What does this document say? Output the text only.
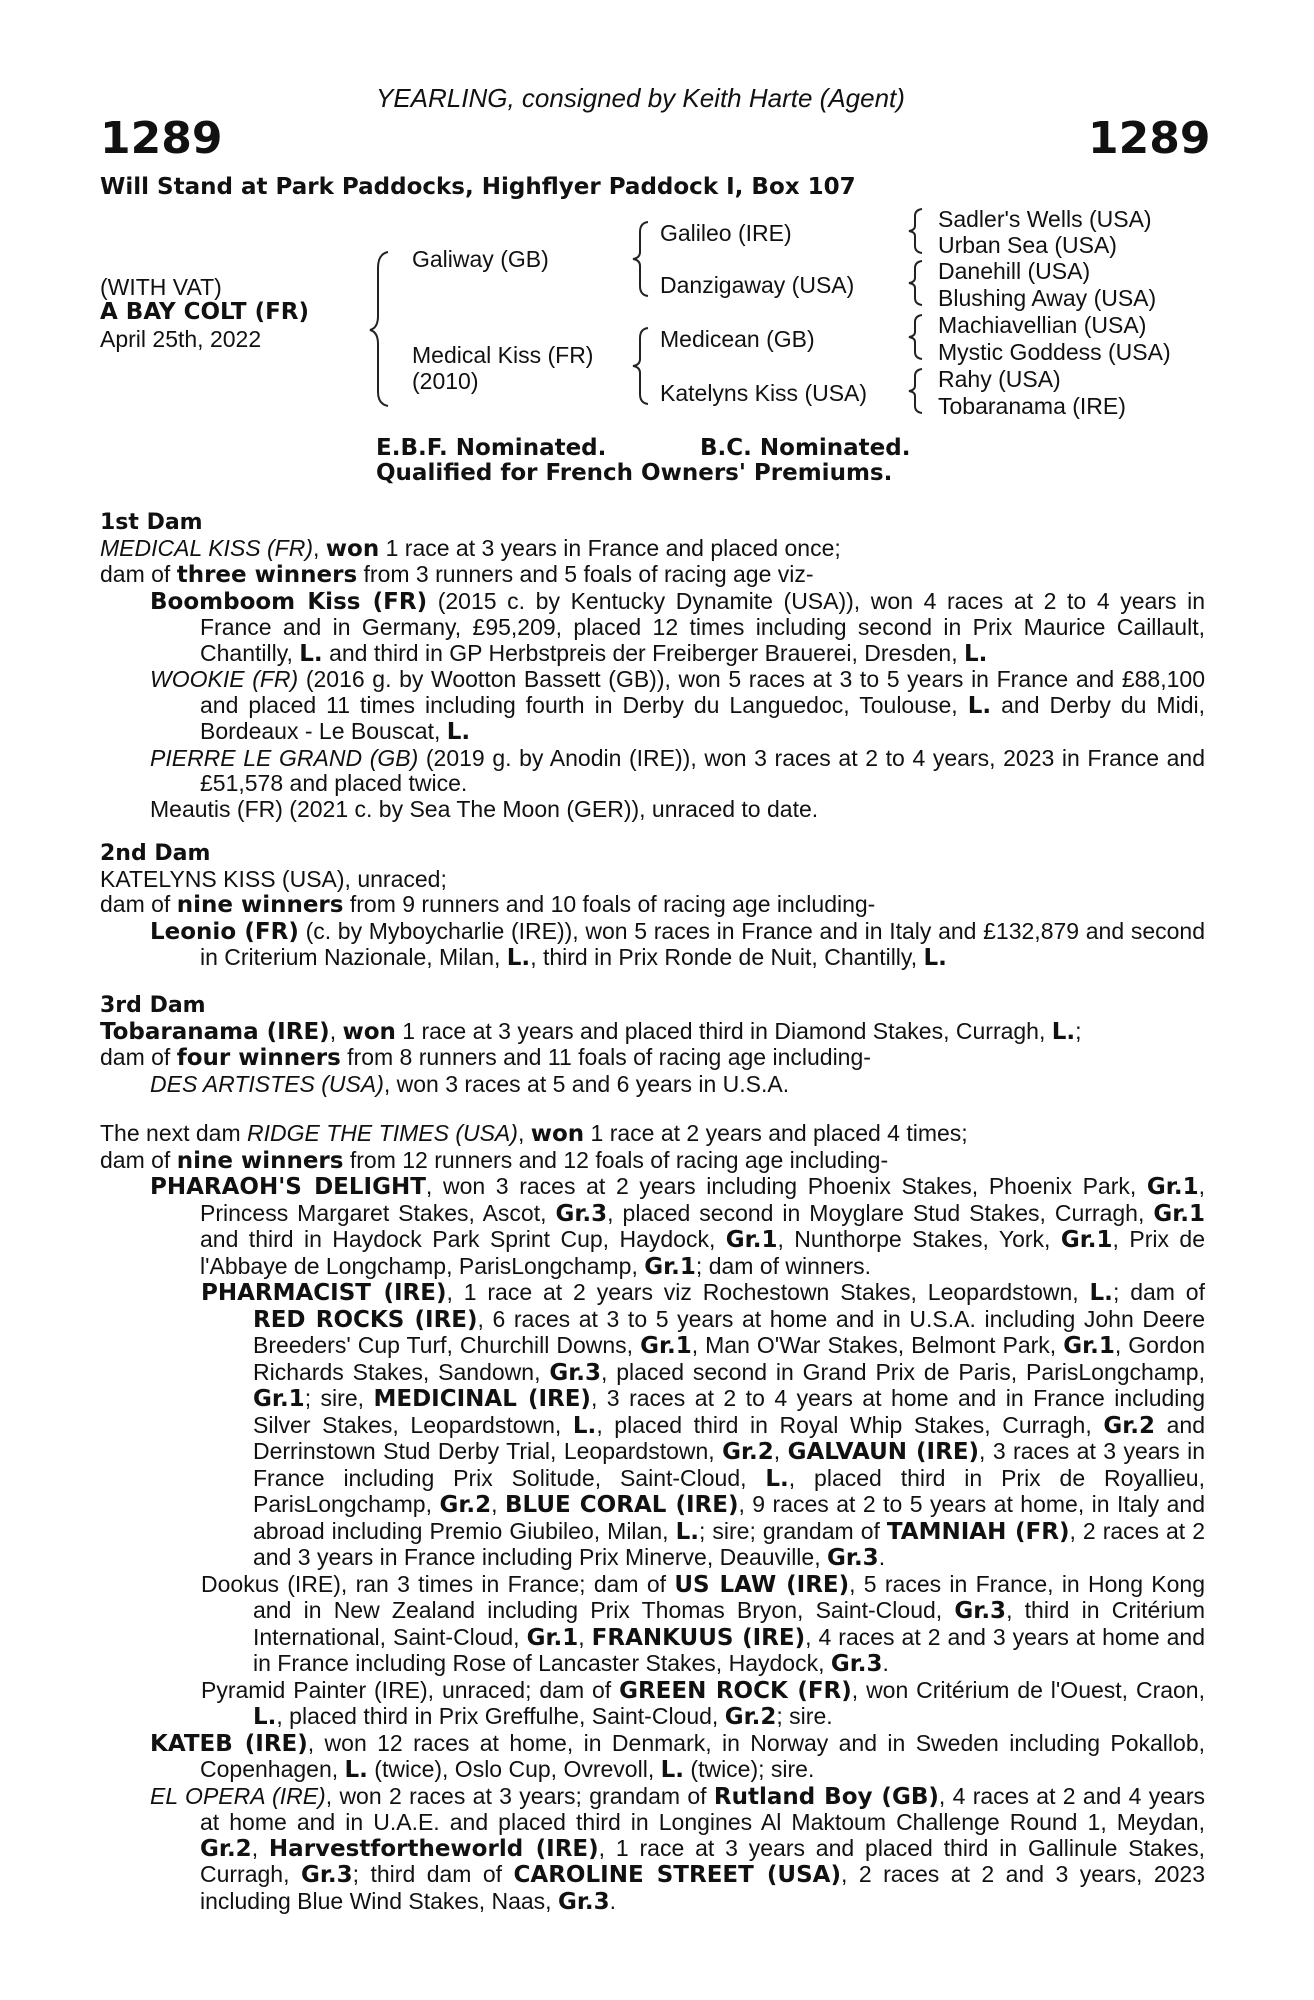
YEARLING, consigned by Keith Harte (Agent)
1289	1289
Will Stand at Park Paddocks, Highflyer Paddock I, Box 107
(WITH VAT)
A BAY COLT (FR)
April 25th, 2022
Galiway (GB)
Medical Kiss (FR)
(2010)
Galileo (IRE)
Danzigaway (USA)
Medicean (GB)
Katelyns Kiss (USA)
Sadler's Wells (USA)
Urban Sea (USA)
Danehill (USA)
Blushing Away (USA)
Machiavellian (USA)
Mystic Goddess (USA)
Rahy (USA)
Tobaranama (IRE)
E.B.F. Nominated.	B.C. Nominated.
Qualified for French Owners' Premiums.
1st Dam

MEDICAL KISS (FR), won 1 race at 3 years in France and placed once;

dam of three winners from 3 runners and 5 foals of racing age viz-

Boomboom Kiss (FR) (2015 c. by Kentucky Dynamite (USA)), won 4 races at 2 to 4 years in France and in Germany, £95,209, placed 12 times including second in Prix Maurice Caillault, Chantilly, L. and third in GP Herbstpreis der Freiberger Brauerei, Dresden, L.

WOOKIE (FR) (2016 g. by Wootton Bassett (GB)), won 5 races at 3 to 5 years in France and £88,100 and placed 11 times including fourth in Derby du Languedoc, Toulouse, L. and Derby du Midi, Bordeaux - Le Bouscat, L.

PIERRE LE GRAND (GB) (2019 g. by Anodin (IRE)), won 3 races at 2 to 4 years, 2023 in France and £51,578 and placed twice.

Meautis (FR) (2021 c. by Sea The Moon (GER)), unraced to date.

2nd Dam

KATELYNS KISS (USA), unraced;

dam of nine winners from 9 runners and 10 foals of racing age including-

Leonio (FR) (c. by Myboycharlie (IRE)), won 5 races in France and in Italy and £132,879 and second in Criterium Nazionale, Milan, L., third in Prix Ronde de Nuit, Chantilly, L.

3rd Dam

Tobaranama (IRE), won 1 race at 3 years and placed third in Diamond Stakes, Curragh, L.;

dam of four winners from 8 runners and 11 foals of racing age including-

DES ARTISTES (USA), won 3 races at 5 and 6 years in U.S.A.

The next dam RIDGE THE TIMES (USA), won 1 race at 2 years and placed 4 times;

dam of nine winners from 12 runners and 12 foals of racing age including-

PHARAOH'S DELIGHT, won 3 races at 2 years including Phoenix Stakes, Phoenix Park, Gr.1, Princess Margaret Stakes, Ascot, Gr.3, placed second in Moyglare Stud Stakes, Curragh, Gr.1 and third in Haydock Park Sprint Cup, Haydock, Gr.1, Nunthorpe Stakes, York, Gr.1, Prix de l'Abbaye de Longchamp, ParisLongchamp, Gr.1; dam of winners.

PHARMACIST (IRE), 1 race at 2 years viz Rochestown Stakes, Leopardstown, L.; dam of RED ROCKS (IRE), 6 races at 3 to 5 years at home and in U.S.A. including John Deere Breeders' Cup Turf, Churchill Downs, Gr.1, Man O'War Stakes, Belmont Park, Gr.1, Gordon Richards Stakes, Sandown, Gr.3, placed second in Grand Prix de Paris, ParisLongchamp, Gr.1; sire, MEDICINAL (IRE), 3 races at 2 to 4 years at home and in France including Silver Stakes, Leopardstown, L., placed third in Royal Whip Stakes, Curragh, Gr.2 and Derrinstown Stud Derby Trial, Leopardstown, Gr.2, GALVAUN (IRE), 3 races at 3 years in France including Prix Solitude, Saint-Cloud, L., placed third in Prix de Royallieu, ParisLongchamp, Gr.2, BLUE CORAL (IRE), 9 races at 2 to 5 years at home, in Italy and abroad including Premio Giubileo, Milan, L.; sire; grandam of TAMNIAH (FR), 2 races at 2 and 3 years in France including Prix Minerve, Deauville, Gr.3.

Dookus (IRE), ran 3 times in France; dam of US LAW (IRE), 5 races in France, in Hong Kong and in New Zealand including Prix Thomas Bryon, Saint-Cloud, Gr.3, third in Critérium International, Saint-Cloud, Gr.1, FRANKUUS (IRE), 4 races at 2 and 3 years at home and in France including Rose of Lancaster Stakes, Haydock, Gr.3.

Pyramid Painter (IRE), unraced; dam of GREEN ROCK (FR), won Critérium de l'Ouest, Craon, L., placed third in Prix Greffulhe, Saint-Cloud, Gr.2; sire.

KATEB (IRE), won 12 races at home, in Denmark, in Norway and in Sweden including Pokallob, Copenhagen, L. (twice), Oslo Cup, Ovrevoll, L. (twice); sire.

EL OPERA (IRE), won 2 races at 3 years; grandam of Rutland Boy (GB), 4 races at 2 and 4 years at home and in U.A.E. and placed third in Longines Al Maktoum Challenge Round 1, Meydan, Gr.2, Harvestfortheworld (IRE), 1 race at 3 years and placed third in Gallinule Stakes, Curragh, Gr.3; third dam of CAROLINE STREET (USA), 2 races at 2 and 3 years, 2023 including Blue Wind Stakes, Naas, Gr.3.
